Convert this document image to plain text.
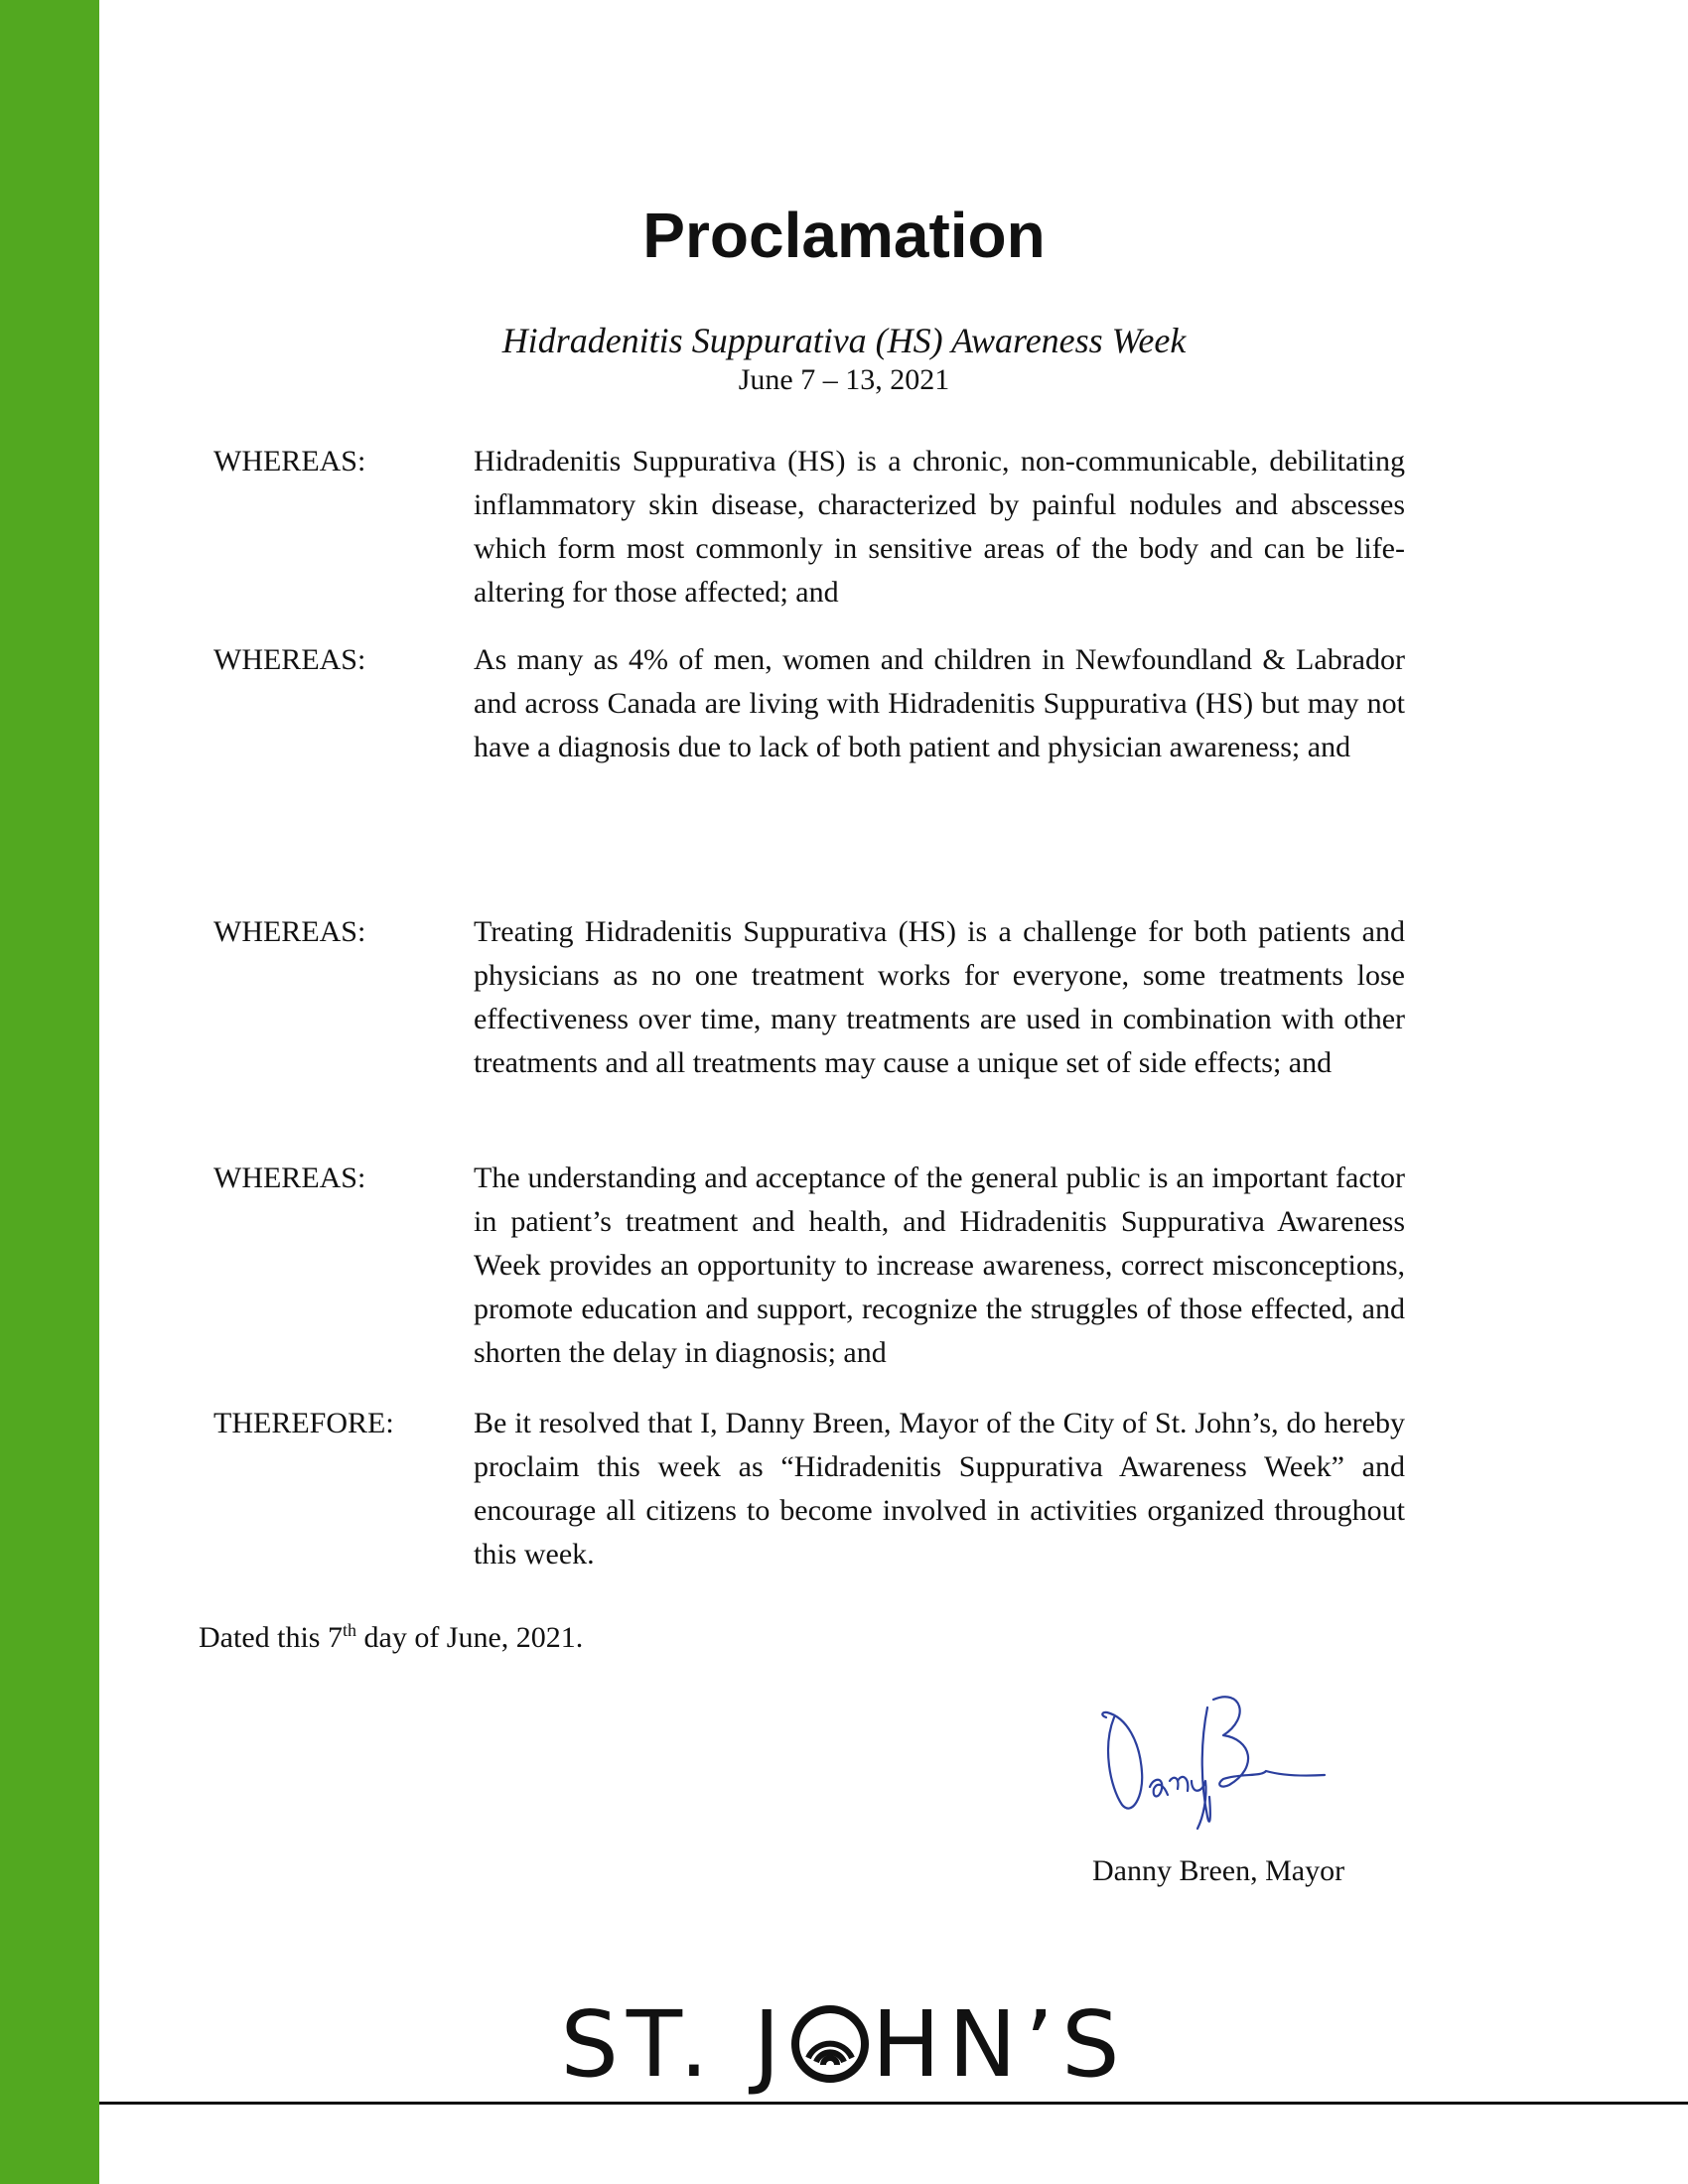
Proclamation

Hidradenitis Suppurativa (HS) Awareness Week

June 7 – 13, 2021

WHEREAS:	Hidradenitis Suppurativa (HS) is a chronic, non-communicable, debilitating inflammatory skin disease, characterized by painful nodules and abscesses which form most commonly in sensitive areas of the body and can be life-altering for those affected; and
WHEREAS:	As many as 4% of men, women and children in Newfoundland & Labrador and across Canada are living with Hidradenitis Suppurativa (HS) but may not have a diagnosis due to lack of both patient and physician awareness; and
WHEREAS:	Treating Hidradenitis Suppurativa (HS) is a challenge for both patients and physicians as no one treatment works for everyone, some treatments lose effectiveness over time, many treatments are used in combination with other treatments and all treatments may cause a unique set of side effects; and
WHEREAS:	The understanding and acceptance of the general public is an important factor in patient’s treatment and health, and Hidradenitis Suppurativa Awareness Week provides an opportunity to increase awareness, correct misconceptions, promote education and support, recognize the struggles of those effected, and shorten the delay in diagnosis; and
THEREFORE:	Be it resolved that I, Danny Breen, Mayor of the City of St. John’s, do hereby proclaim this week as “Hidradenitis Suppurativa Awareness Week” and encourage all citizens to become involved in activities organized throughout this week.
Dated this 7th day of June, 2021.
Danny Breen, Mayor
ST. J HN’S
